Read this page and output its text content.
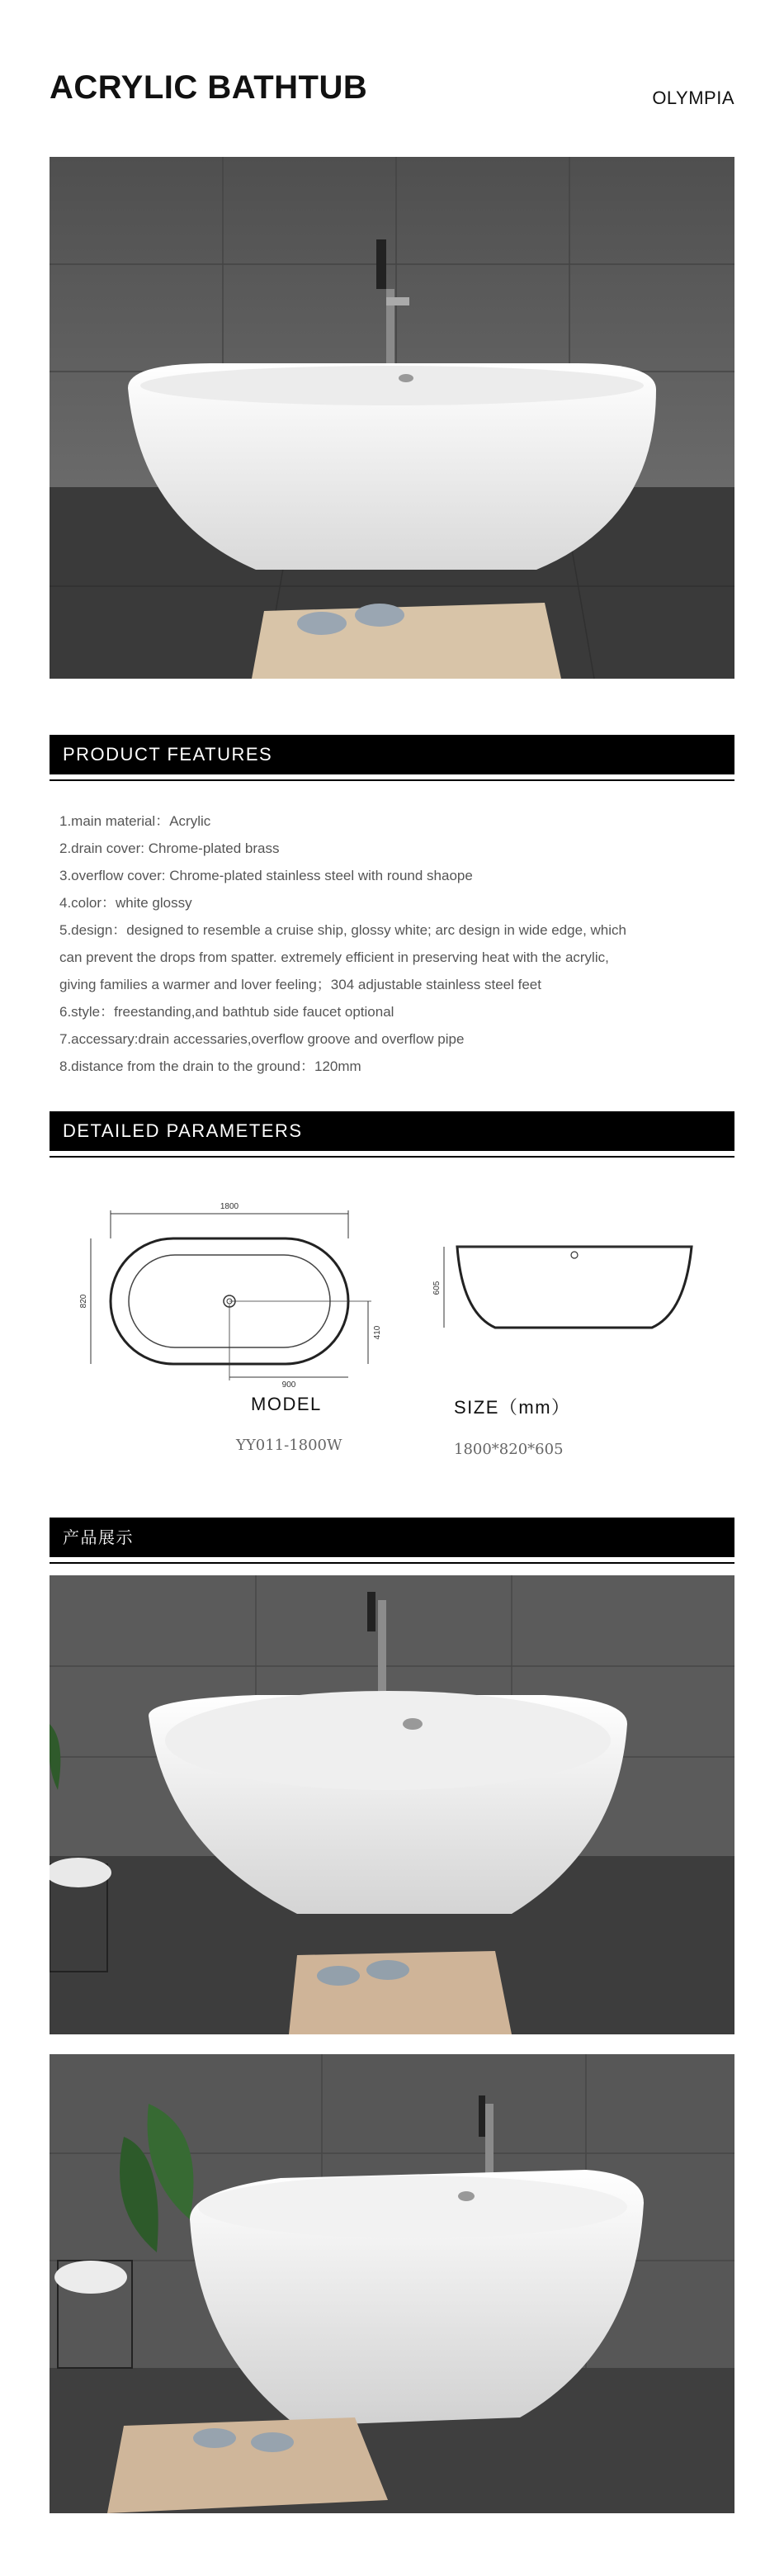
ACRYLIC BATHTUB	OLYMPIA
PRODUCT FEATURES

1.main material：Acrylic

2.drain cover: Chrome-plated brass

3.overflow cover: Chrome-plated stainless steel with round shaope

4.color：white glossy

5.design：designed to resemble a cruise ship, glossy white; arc design in wide edge, which

can prevent the drops from spatter. extremely efficient in preserving heat with the acrylic,

giving families a warmer and lover feeling；304 adjustable stainless steel feet

6.style：freestanding,and bathtub side faucet optional

7.accessary:drain accessaries,overflow groove and overflow pipe

8.distance from the drain to the ground：120mm

DETAILED PARAMETERS
1800
820
900
410
605
MODEL
YY011-1800W
SIZE（mm）
1800*820*605
产品展示
